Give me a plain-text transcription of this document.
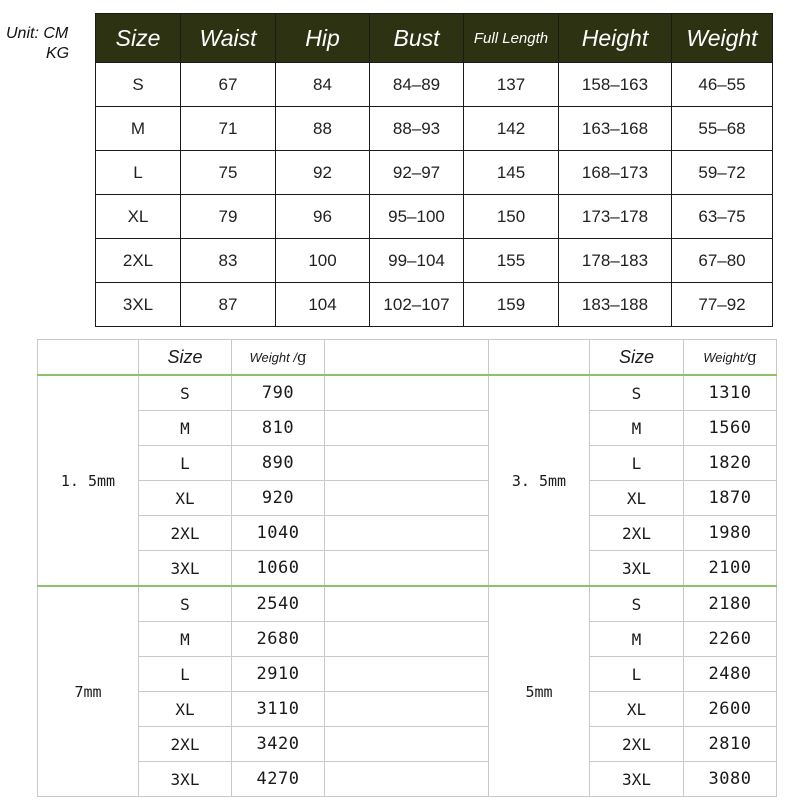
Unit: CM
KG
Size	Waist	Hip	Bust	Full Length	Height	Weight
S	67	84	84–89	137	158–163	46–55
M	71	88	88–93	142	163–168	55–68
L	75	92	92–97	145	168–173	59–72
XL	79	96	95–100	150	173–178	63–75
2XL	83	100	99–104	155	178–183	67–80
3XL	87	104	102–107	159	183–188	77–92
	Size	Weight /g			Size	Weight/g
1. 5mm	S	790		3. 5mm	S	1310
	M	810			M	1560
	L	890			L	1820
	XL	920			XL	1870
	2XL	1040			2XL	1980
	3XL	1060			3XL	2100
7mm	S	2540		5mm	S	2180
	M	2680			M	2260
	L	2910			L	2480
	XL	3110			XL	2600
	2XL	3420			2XL	2810
	3XL	4270			3XL	3080
